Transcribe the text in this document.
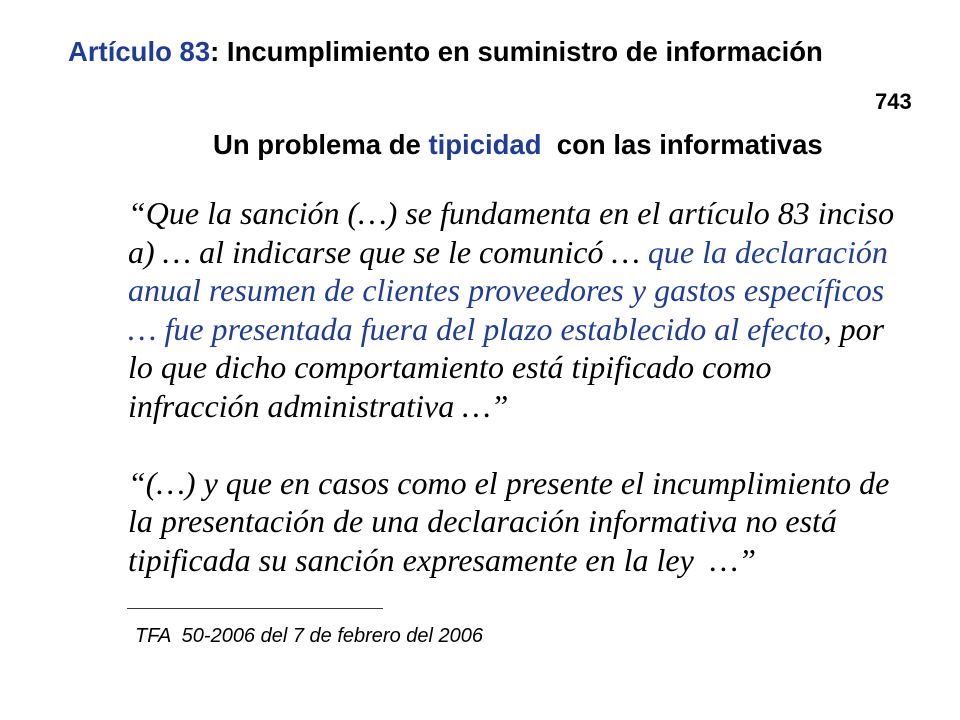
Artículo 83: Incumplimiento en suministro de información
743
Un problema de tipicidad  con las informativas
“Que la sanción (…) se fundamenta en el artículo 83 inciso
a) … al indicarse que se le comunicó … que la declaración
anual resumen de clientes proveedores y gastos específicos
… fue presentada fuera del plazo establecido al efecto, por
lo que dicho comportamiento está tipificado como
infracción administrativa …”
“(…) y que en casos como el presente el incumplimiento de
la presentación de una declaración informativa no está
tipificada su sanción expresamente en la ley  …”
TFA  50-2006 del 7 de febrero del 2006
